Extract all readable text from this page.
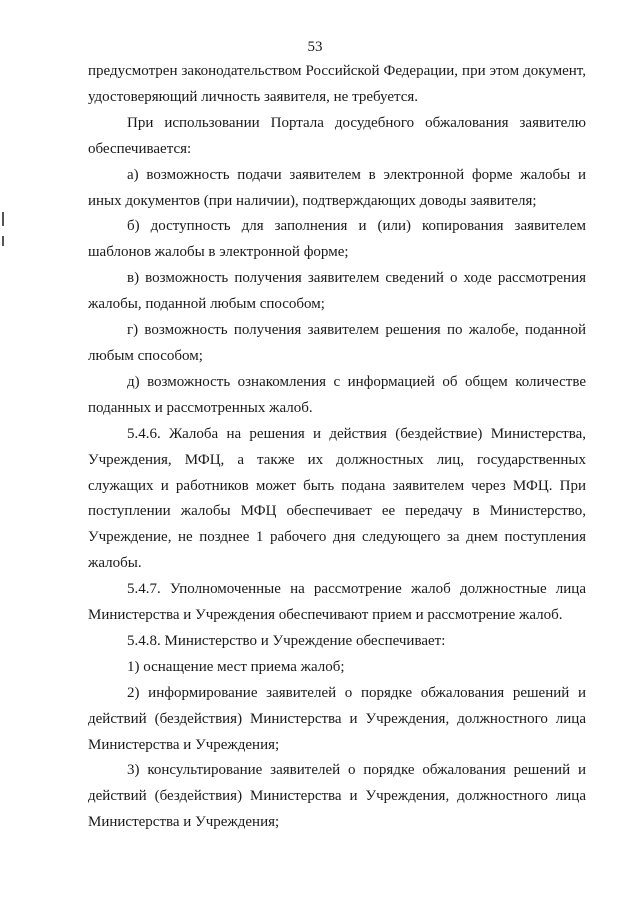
53

предусмотрен законодательством Российской Федерации, при этом документ, удостоверяющий личность заявителя, не требуется.

При использовании Портала досудебного обжалования заявителю обеспечивается:

а) возможность подачи заявителем в электронной форме жалобы и иных документов (при наличии), подтверждающих доводы заявителя;

б) доступность для заполнения и (или) копирования заявителем шаблонов жалобы в электронной форме;

в) возможность получения заявителем сведений о ходе рассмотрения жалобы, поданной любым способом;

г) возможность получения заявителем решения по жалобе, поданной любым способом;

д) возможность ознакомления с информацией об общем количестве поданных и рассмотренных жалоб.

5.4.6. Жалоба на решения и действия (бездействие) Министерства, Учреждения, МФЦ, а также их должностных лиц, государственных служащих и работников может быть подана заявителем через МФЦ. При поступлении жалобы МФЦ обеспечивает ее передачу в Министерство, Учреждение, не позднее 1 рабочего дня следующего за днем поступления жалобы.

5.4.7. Уполномоченные на рассмотрение жалоб должностные лица Министерства и Учреждения обеспечивают прием и рассмотрение жалоб.

5.4.8. Министерство и Учреждение обеспечивает:

1) оснащение мест приема жалоб;

2) информирование заявителей о порядке обжалования решений и действий (бездействия) Министерства и Учреждения, должностного лица Министерства и Учреждения;

3) консультирование заявителей о порядке обжалования решений и действий (бездействия) Министерства и Учреждения, должностного лица Министерства и Учреждения;
